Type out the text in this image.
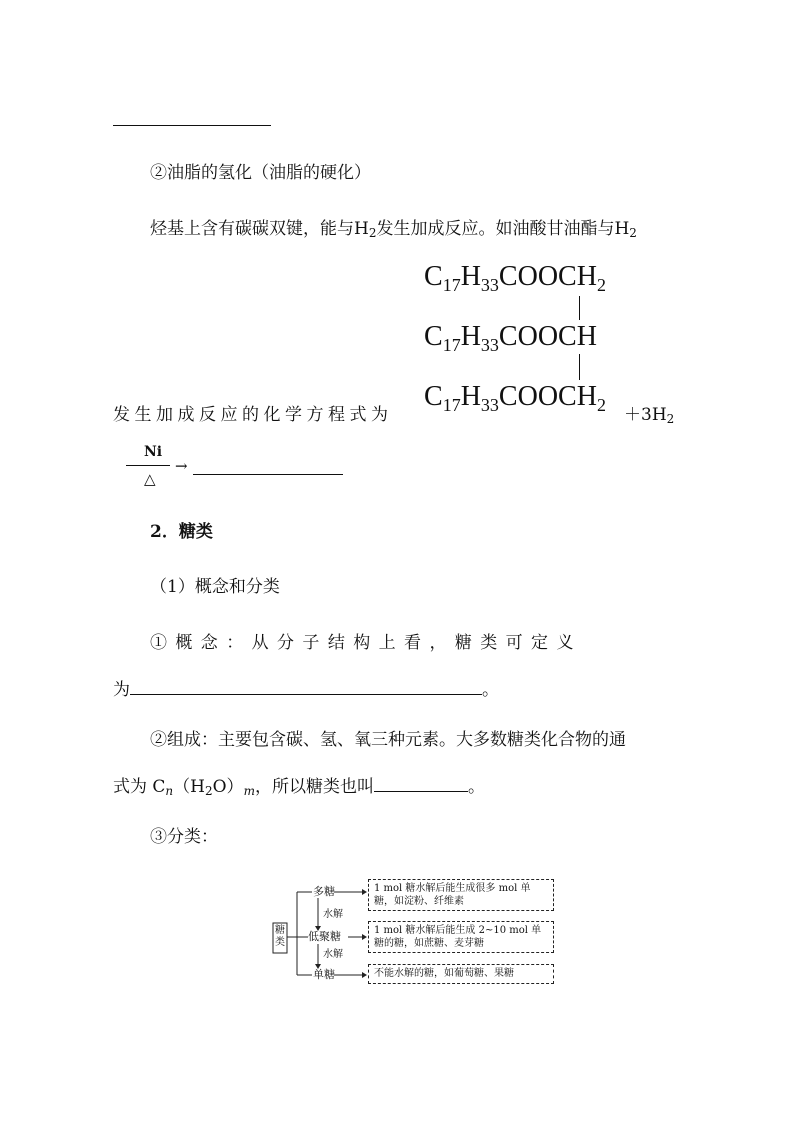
②油脂的氢化（油脂的硬化）
烃基上含有碳碳双键，能与$H_2$发生加成反应。如油酸甘油酯与$H_2$
$C_{17}H_{33}COOCH_2$
$C_{17}H_{33}COOCH$
$C_{17}H_{33}COOCH_2$
发生加成反应的化学方程式为	$+3H_2$
Ni
△
→
2．糖类
（1）概念和分类
① 概 念 ： 从 分 子 结 构 上 看 ， 糖 类 可 定 义
为	。
②组成：主要包含碳、氢、氧三种元素。大多数糖类化合物的通
式为 $C_n(H_2O)_m$，所以糖类也叫	。
③分类：
糖类
多糖
水解
低聚糖
水解
单糖
1 mol 糖水解后能生成很多 mol 单糖，如淀粉、纤维素
1 mol 糖水解后能生成 2~10 mol 单糖的糖，如蔗糖、麦芽糖
不能水解的糖，如葡萄糖、果糖
